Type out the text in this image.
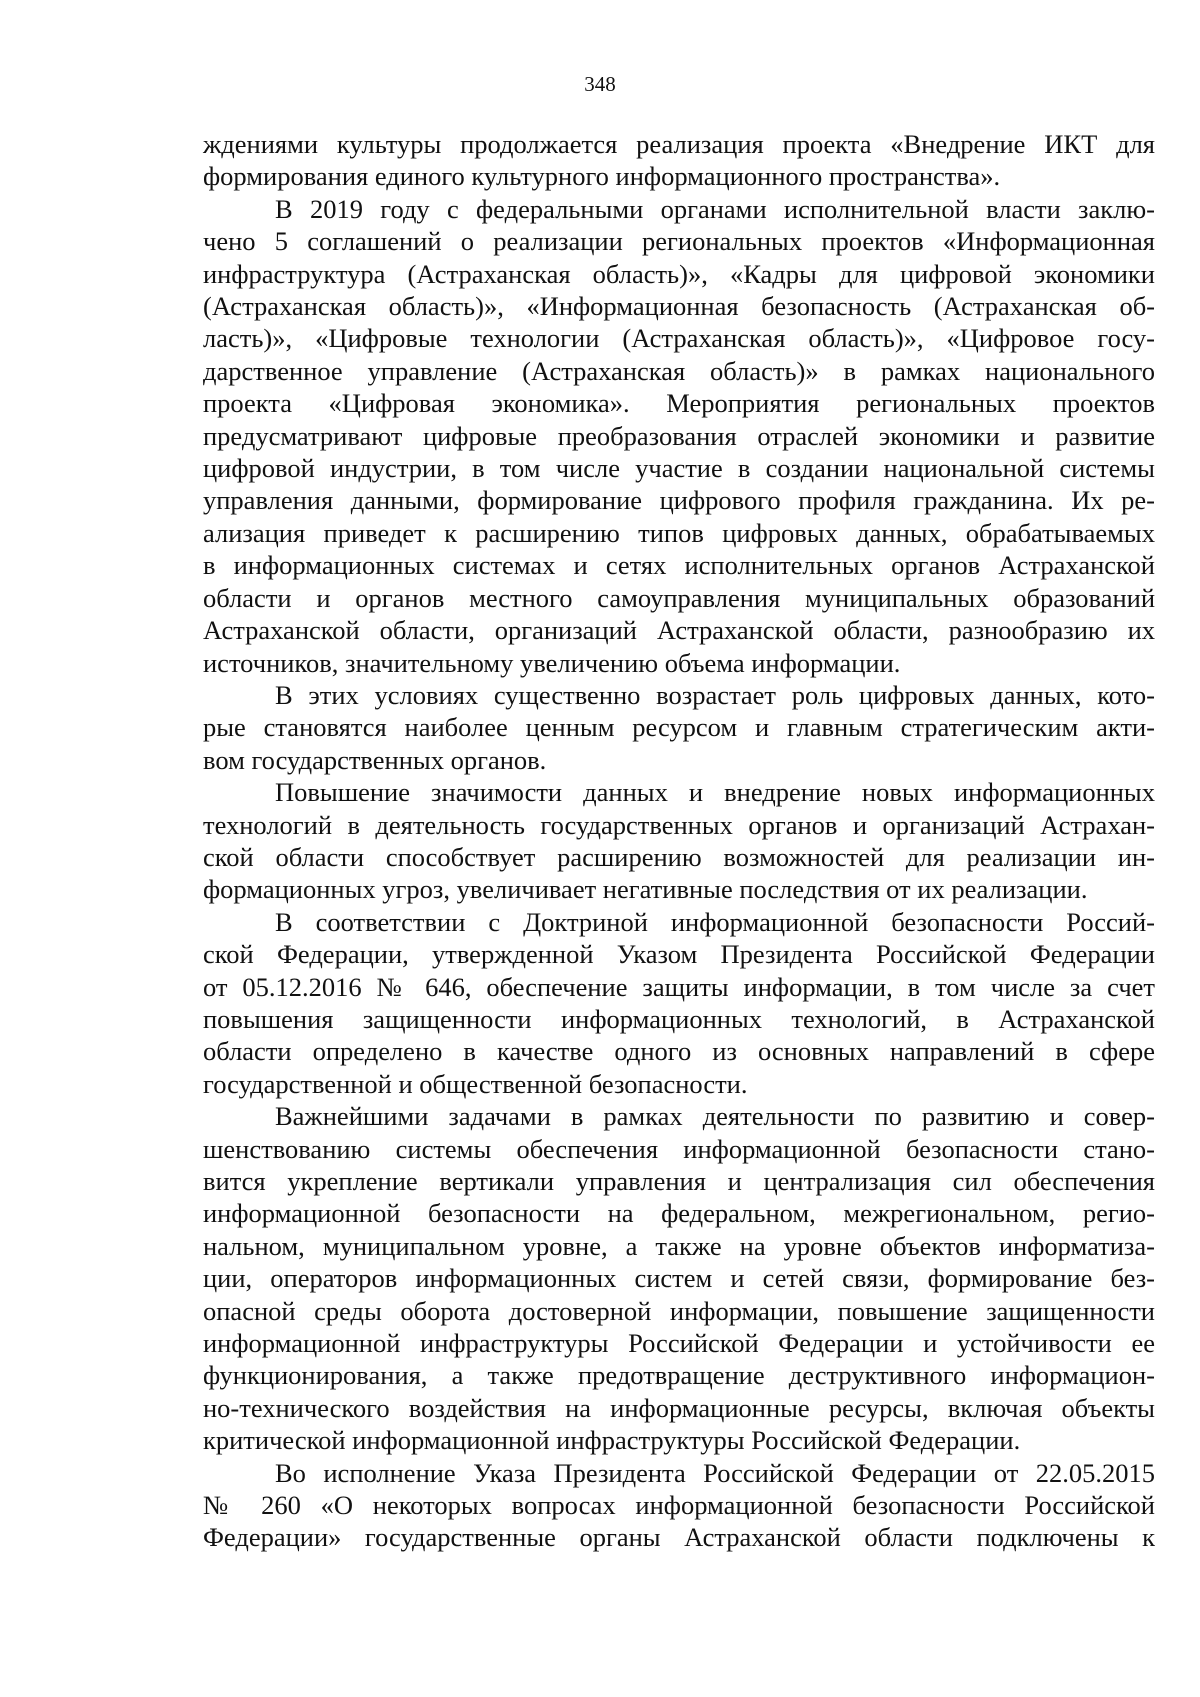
348
ждениями культуры продолжается реализация проекта «Внедрение ИКТ для
формирования единого культурного информационного пространства».
В 2019 году с федеральными органами исполнительной власти заклю-
чено 5 соглашений о реализации региональных проектов «Информационная
инфраструктура (Астраханская область)», «Кадры для цифровой экономики
(Астраханская область)», «Информационная безопасность (Астраханская об-
ласть)», «Цифровые технологии (Астраханская область)», «Цифровое госу-
дарственное управление (Астраханская область)» в рамках национального
проекта «Цифровая экономика». Мероприятия региональных проектов
предусматривают цифровые преобразования отраслей экономики и развитие
цифровой индустрии, в том числе участие в создании национальной системы
управления данными, формирование цифрового профиля гражданина. Их ре-
ализация приведет к расширению типов цифровых данных, обрабатываемых
в информационных системах и сетях исполнительных органов Астраханской
области и органов местного самоуправления муниципальных образований
Астраханской области, организаций Астраханской области, разнообразию их
источников, значительному увеличению объема информации.
В этих условиях существенно возрастает роль цифровых данных, кото-
рые становятся наиболее ценным ресурсом и главным стратегическим акти-
вом государственных органов.
Повышение значимости данных и внедрение новых информационных
технологий в деятельность государственных органов и организаций Астрахан-
ской области способствует расширению возможностей для реализации ин-
формационных угроз, увеличивает негативные последствия от их реализации.
В соответствии с Доктриной информационной безопасности Россий-
ской Федерации, утвержденной Указом Президента Российской Федерации
от 05.12.2016 № 646, обеспечение защиты информации, в том числе за счет
повышения защищенности информационных технологий, в Астраханской
области определено в качестве одного из основных направлений в сфере
государственной и общественной безопасности.
Важнейшими задачами в рамках деятельности по развитию и совер-
шенствованию системы обеспечения информационной безопасности стано-
вится укрепление вертикали управления и централизация сил обеспечения
информационной безопасности на федеральном, межрегиональном, регио-
нальном, муниципальном уровне, а также на уровне объектов информатиза-
ции, операторов информационных систем и сетей связи, формирование без-
опасной среды оборота достоверной информации, повышение защищенности
информационной инфраструктуры Российской Федерации и устойчивости ее
функционирования, а также предотвращение деструктивного информацион-
но-технического воздействия на информационные ресурсы, включая объекты
критической информационной инфраструктуры Российской Федерации.
Во исполнение Указа Президента Российской Федерации от 22.05.2015
№ 260 «О некоторых вопросах информационной безопасности Российской
Федерации» государственные органы Астраханской области подключены к
